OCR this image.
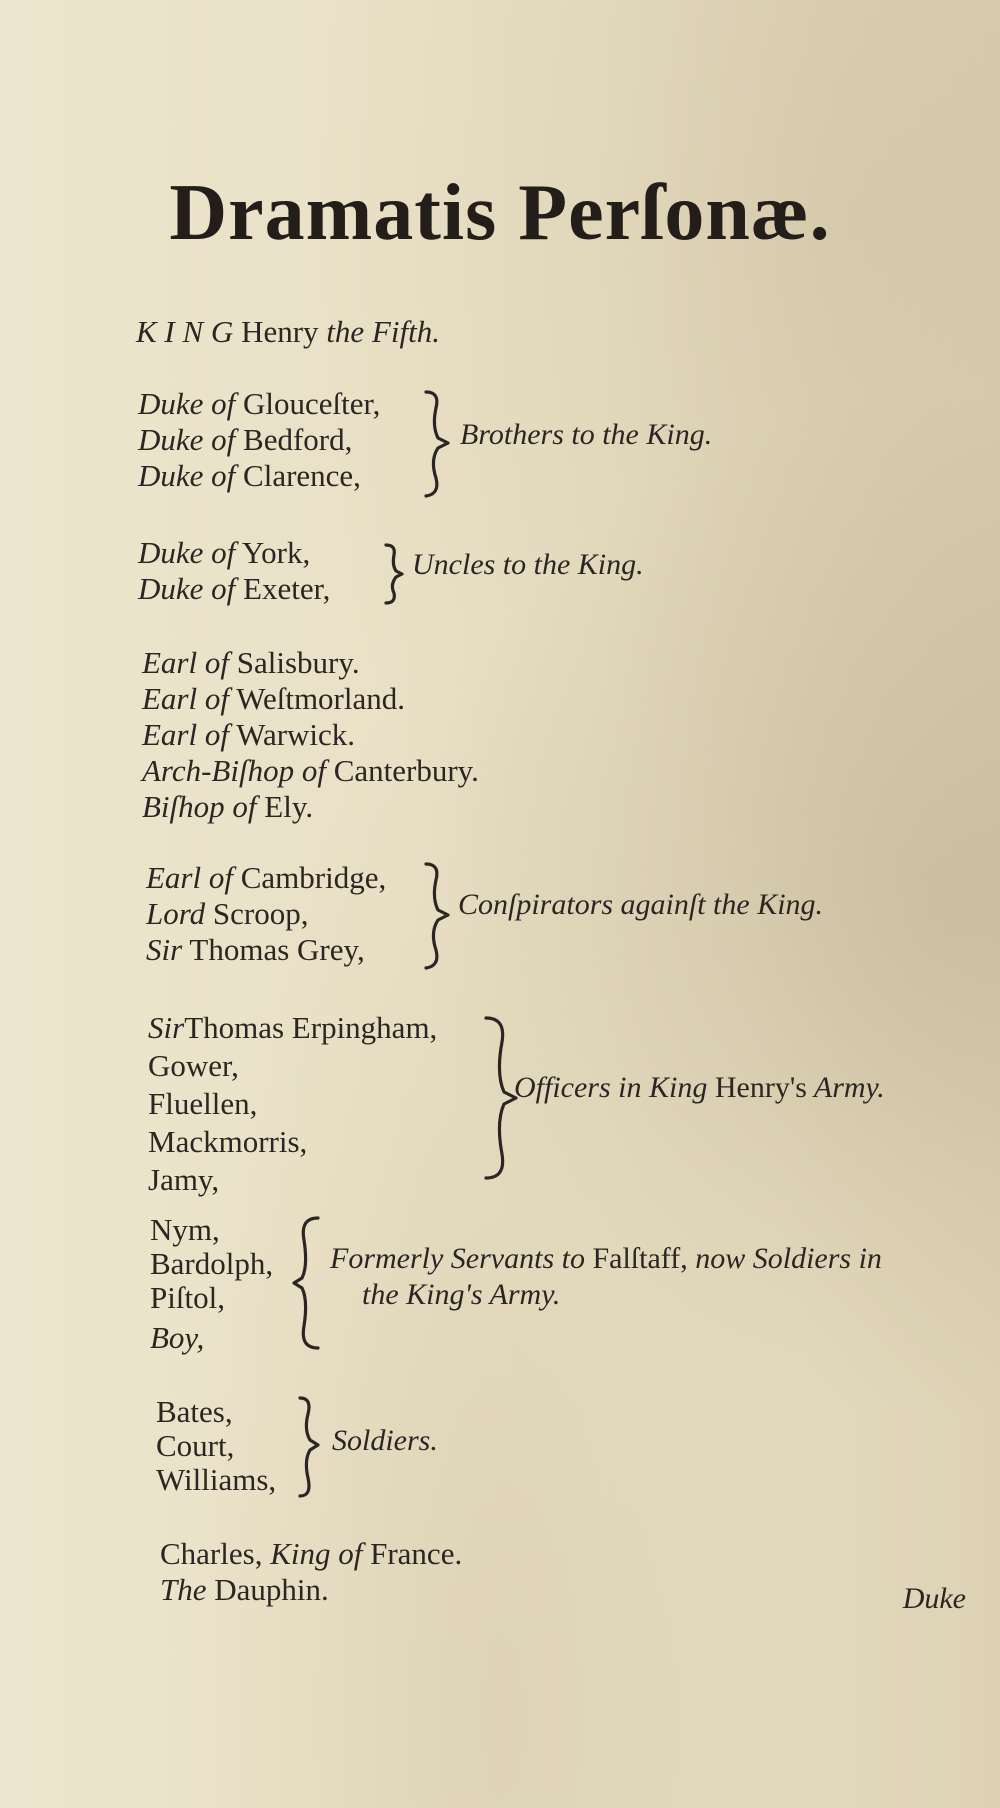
Dramatis Perſonæ.
K I N G Henry the Fifth.
Duke of Glouceſter,
Duke of Bedford,
Duke of Clarence,
Brothers to the King.
Duke of York,
Duke of Exeter,
Uncles to the King.
Earl of Salisbury.
Earl of Weſtmorland.
Earl of Warwick.
Arch-Biſhop of Canterbury.
Biſhop of Ely.
Earl of Cambridge,
Lord Scroop,
Sir Thomas Grey,
Conſpirators againſt the King.
SirThomas Erpingham,
Gower,
Fluellen,
Mackmorris,
Jamy,
Officers in King Henry's Army.
Nym,
Bardolph,
Piſtol,
Boy,
Formerly Servants to Falſtaff, now Soldiers in
the King's Army.
Bates,
Court,
Williams,
Soldiers.
Charles, King of France.
The Dauphin.	Duke
